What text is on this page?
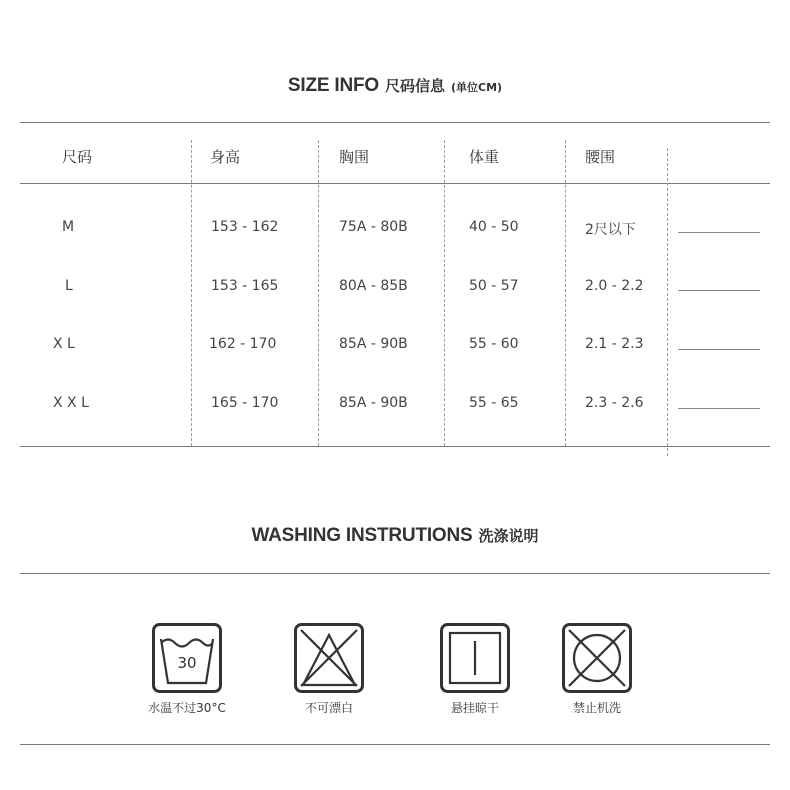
SIZE INFO 尺码信息 (单位CM)
尺码	身高	胸围	体重	腰围
M	153 - 162	75A - 80B	40 - 50	2尺以下
L	153 - 165	80A - 85B	50 - 57	2.0 - 2.2
X L	162 - 170	85A - 90B	55 - 60	2.1 - 2.3
X X L	165 - 170	85A - 90B	55 - 65	2.3 - 2.6
WASHING INSTRUTIONS 洗涤说明
30
水温不过30°C	不可漂白	悬挂晾干	禁止机洗
